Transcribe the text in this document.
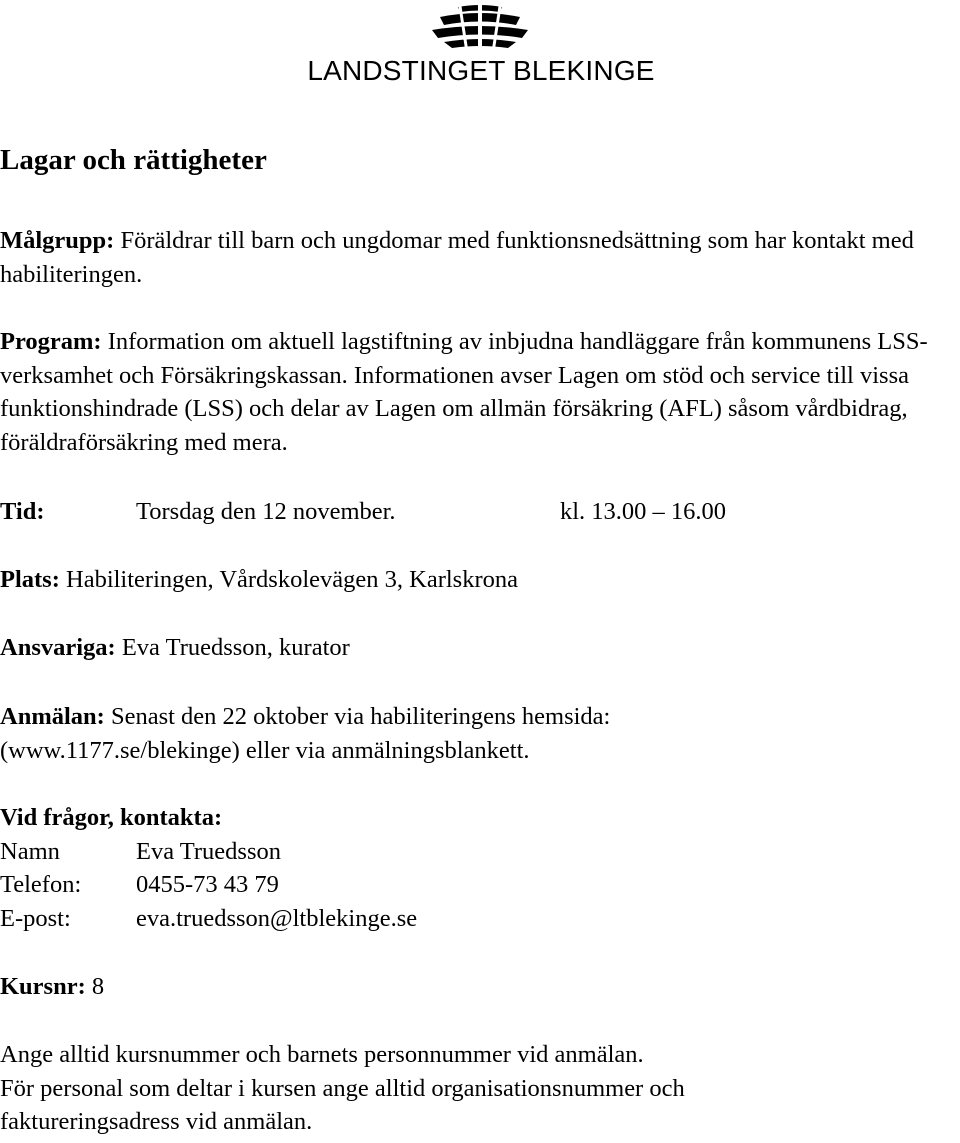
LANDSTINGET BLEKINGE
Lagar och rättigheter
Målgrupp: Föräldrar till barn och ungdomar med funktionsnedsättning som har kontakt med habiliteringen.
Program: Information om aktuell lagstiftning av inbjudna handläggare från kommunens LSS-verksamhet och Försäkringskassan. Informationen avser Lagen om stöd och service till vissa funktionshindrade (LSS) och delar av Lagen om allmän försäkring (AFL) såsom vårdbidrag, föräldraförsäkring med mera.
Tid:	Torsdag den 12 november.	kl. 13.00 – 16.00
Plats: Habiliteringen, Vårdskolevägen 3, Karlskrona
Ansvariga: Eva Truedsson, kurator
Anmälan: Senast den 22 oktober via habiliteringens hemsida: (www.1177.se/blekinge) eller via anmälningsblankett.
Vid frågor, kontakta:
Namn	Eva Truedsson
Telefon:	0455-73 43 79
E-post:	eva.truedsson@ltblekinge.se
Kursnr: 8
Ange alltid kursnummer och barnets personnummer vid anmälan.
För personal som deltar i kursen ange alltid organisationsnummer och faktureringsadress vid anmälan.
